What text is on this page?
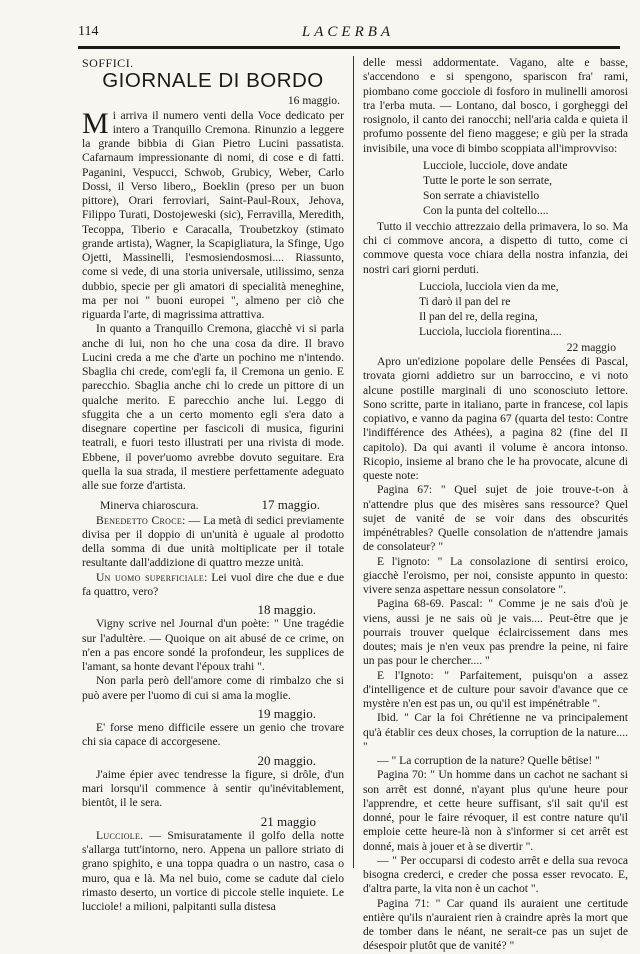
114	LACERBA

SOFFICI.

GIORNALE DI BORDO

16 maggio.

Mi arriva il numero venti della Voce dedicato per intero a Tranquillo Cremona. Rinunzio a leggere la grande bibbia di Gian Pietro Lucini passatista. Cafarnaum impressionante di nomi, di cose e di fatti. Paganini, Vespucci, Schwob, Grubicy, Weber, Carlo Dossi, il Verso libero,, Boeklin (preso per un buon pittore), Orari ferroviari, Saint-Paul-Roux, Jehova, Filippo Turati, Dostojeweski (sic), Ferravilla, Meredith, Tecoppa, Tiberio e Caracalla, Troubetzkoy (stimato grande artista), Wagner, la Scapigliatura, la Sfinge, Ugo Ojetti, Massinelli, l'esmosiendosmosi.... Riassunto, come si vede, di una storia universale, utilissimo, senza dubbio, specie per gli amatori di specialità meneghine, ma per noi " buoni europei ", almeno per ciò che riguarda l'arte, di magrissima attrattiva.

In quanto a Tranquillo Cremona, giacchè vi si parla anche di lui, non ho che una cosa da dire. Il bravo Lucini creda a me che d'arte un pochino me n'intendo. Sbaglia chi crede, com'egli fa, il Cremona un genio. E parecchio. Sbaglia anche chi lo crede un pittore di un qualche merito. E parecchio anche lui. Leggo di sfuggita che a un certo momento egli s'era dato a disegnare copertine per fascicoli di musica, figurini teatrali, e fuori testo illustrati per una rivista di mode. Ebbene, il pover'uomo avrebbe dovuto seguitare. Era quella la sua strada, il mestiere perfettamente adeguato alle sue forze d'artista.

Minerva chiaroscura.	17 maggio.

Benedetto Croce: — La metà di sedici previamente divisa per il doppio di un'unità è uguale al prodotto della somma di due unità moltiplicate per il totale resultante dall'addizione di quattro mezze unità.

Un uomo superficiale: Lei vuol dire che due e due fa quattro, vero?

18 maggio.

Vigny scrive nel Journal d'un poète: " Une tragédie sur l'adultère. — Quoique on ait abusé de ce crime, on n'en a pas encore sondé la profondeur, les supplices de l'amant, sa honte devant l'époux trahi ".

Non parla però dell'amore come di rimbalzo che si può avere per l'uomo di cui si ama la moglie.

19 maggio.

E' forse meno difficile essere un genio che trovare chi sia capace di accorgesene.

20 maggio.

J'aime épier avec tendresse la figure, si drôle, d'un mari lorsqu'il commence à sentir qu'inévitablement, bientôt, il le sera.

21 maggio

Lucciole. — Smisuratamente il golfo della notte s'allarga tutt'intorno, nero. Appena un pallore striato di grano spighito, e una toppa quadra o un nastro, casa o muro, qua e là. Ma nel buio, come se cadute dal cielo rimasto deserto, un vortice di piccole stelle inquiete. Le lucciole! a milioni, palpitanti sulla distesa

delle messi addormentate. Vagano, alte e basse, s'accendono e si spengono, spariscon fra' rami, piombano come gocciole di fosforo in mulinelli amorosi tra l'erba muta. — Lontano, dal bosco, i gorgheggi del rosignolo, il canto dei ranocchi; nell'aria calda e quieta il profumo possente del fieno maggese; e giù per la strada invisibile, una voce di bimbo scoppiata all'improvviso:

Lucciole, lucciole, dove andate
Tutte le porte le son serrate,
Son serrate a chiavistello
Con la punta del coltello....

Tutto il vecchio attrezzaio della primavera, lo so. Ma chi ci commove ancora, a dispetto di tutto, come ci commove questa voce chiara della nostra infanzia, dei nostri cari giorni perduti.

Lucciola, lucciola vien da me,
Ti darò il pan del re
Il pan del re, della regina,
Lucciola, lucciola fiorentina....

22 maggio

Apro un'edizione popolare delle Pensées di Pascal, trovata giorni addietro sur un barroccino, e vi noto alcune postille marginali di uno sconosciuto lettore. Sono scritte, parte in italiano, parte in francese, col lapis copiativo, e vanno da pagina 67 (quarta del testo: Contre l'indifférence des Athées), a pagina 82 (fine del II capitolo). Da qui avanti il volume è ancora intonso. Ricopio, insieme al brano che le ha provocate, alcune di queste note:

Pagina 67: " Quel sujet de joie trouve-t-on à n'attendre plus que des misères sans ressource? Quel sujet de vanité de se voir dans des obscurités impénétrables? Quelle consolation de n'attendre jamais de consolateur? "

E l'ignoto: " La consolazione di sentirsi eroico, giacchè l'eroismo, per noi, consiste appunto in questo: vivere senza aspettare nessun consolatore ".

Pagina 68-69. Pascal: " Comme je ne sais d'où je viens, aussi je ne sais où je vais.... Peut-être que je pourrais trouver quelque éclaircissement dans mes doutes; mais je n'en veux pas prendre la peine, ni faire un pas pour le chercher.... "

E l'Ignoto: " Parfaitement, puisqu'on a assez d'intelligence et de culture pour savoir d'avance que ce mystère n'en est pas un, ou qu'il est impénétrable ".

Ibid. " Car la foi Chrétienne ne va principalement qu'à établir ces deux choses, la corruption de la nature.... "

— " La corruption de la nature? Quelle bêtise! "

Pagina 70: " Un homme dans un cachot ne sachant si son arrêt est donné, n'ayant plus qu'une heure pour l'apprendre, et cette heure suffisant, s'il sait qu'il est donné, pour le faire révoquer, il est contre nature qu'il emploie cette heure-là non à s'informer si cet arrêt est donné, mais à jouer et à se divertir ".

— " Per occuparsi di codesto arrêt e della sua revoca bisogna crederci, e creder che possa esser revocato. E, d'altra parte, la vita non è un cachot ".

Pagina 71: " Car quand ils auraient une certitude entière qu'ils n'auraient rien à craindre après la mort que de tomber dans le néant, ne serait-ce pas un sujet de désespoir plutôt que de vanité? "
